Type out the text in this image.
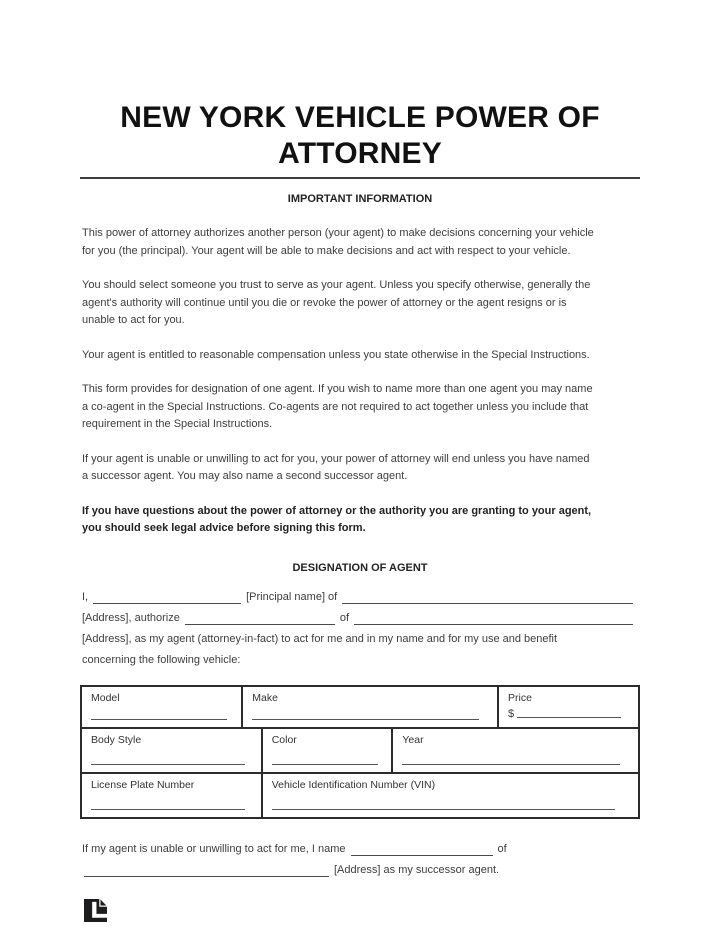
NEW YORK VEHICLE POWER OF ATTORNEY
IMPORTANT INFORMATION

This power of attorney authorizes another person (your agent) to make decisions concerning your vehicle
for you (the principal). Your agent will be able to make decisions and act with respect to your vehicle.

You should select someone you trust to serve as your agent. Unless you specify otherwise, generally the
agent's authority will continue until you die or revoke the power of attorney or the agent resigns or is
unable to act for you.

Your agent is entitled to reasonable compensation unless you state otherwise in the Special Instructions.

This form provides for designation of one agent. If you wish to name more than one agent you may name
a co-agent in the Special Instructions. Co-agents are not required to act together unless you include that
requirement in the Special Instructions.

If your agent is unable or unwilling to act for you, your power of attorney will end unless you have named
a successor agent. You may also name a second successor agent.

If you have questions about the power of attorney or the authority you are granting to your agent,
you should seek legal advice before signing this form.

DESIGNATION OF AGENT
I,	[Principal name] of
[Address], authorize	of
[Address], as my agent (attorney-in-fact) to act for me and in my name and for my use and benefit
concerning the following vehicle:
Model	Make	Price
$
Body Style	Color	Year
License Plate Number	Vehicle Identification Number (VIN)
If my agent is unable or unwilling to act for me, I name	of
[Address] as my successor agent.
